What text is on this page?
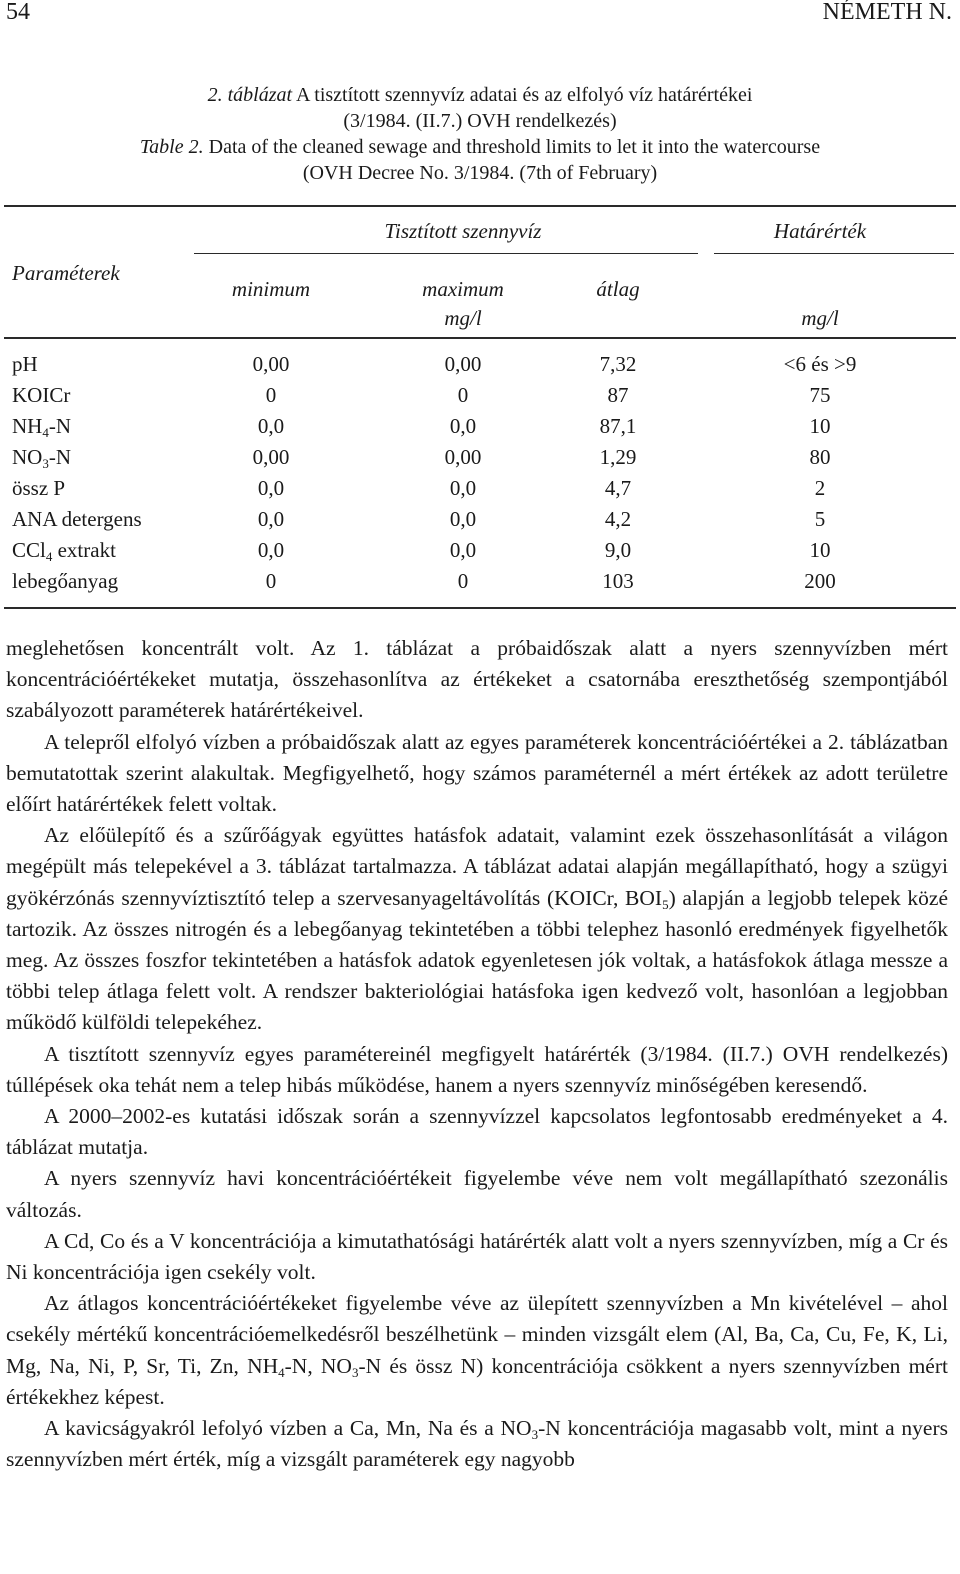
54	NÉMETH N.
2. táblázat A tisztított szennyvíz adatai és az elfolyó víz határértékei
(3/1984. (II.7.) OVH rendelkezés)
Table 2. Data of the cleaned sewage and threshold limits to let it into the watercourse
(OVH Decree No. 3/1984. (7th of February)
Paraméterek
Tisztított szennyvíz	Határérték
minimum	maximum	átlag
mg/l	mg/l
pH	0,00	0,00	7,32	<6 és >9
KOICr	0	0	87	75
$NH_4-N$	0,0	0,0	87,1	10
$NO_3-N$	0,00	0,00	1,29	80
össz P	0,0	0,0	4,7	2
ANA detergens	0,0	0,0	4,2	5
CCl$_4$ extrakt	0,0	0,0	9,0	10
lebegőanyag	0	0	103	200

meglehetősen koncentrált volt. Az 1. táblázat a próbaidőszak alatt a nyers szennyvízben mért koncentrációértékeket mutatja, összehasonlítva az értékeket a csatornába ereszthetőség szempontjából szabályozott paraméterek határértékeivel.

A telepről elfolyó vízben a próbaidőszak alatt az egyes paraméterek koncentrációértékei a 2. táblázatban bemutatottak szerint alakultak. Megfigyelhető, hogy számos paraméternél a mért értékek az adott területre előírt határértékek felett voltak.

Az előülepítő és a szűrőágyak együttes hatásfok adatait, valamint ezek összehasonlítását a világon megépült más telepekével a 3. táblázat tartalmazza. A táblázat adatai alapján megállapítható, hogy a szügyi gyökérzónás szennyvíztisztító telep a szervesanyageltávolítás (KOICr, $BOI_5$) alapján a legjobb telepek közé tartozik. Az összes nitrogén és a lebegőanyag tekintetében a többi telephez hasonló eredmények figyelhetők meg. Az összes foszfor tekintetében a hatásfok adatok egyenletesen jók voltak, a hatásfokok átlaga messze a többi telep átlaga felett volt. A rendszer bakteriológiai hatásfoka igen kedvező volt, hasonlóan a legjobban működő külföldi telepekéhez.

A tisztított szennyvíz egyes paramétereinél megfigyelt határérték (3/1984. (II.7.) OVH rendelkezés) túllépések oka tehát nem a telep hibás működése, hanem a nyers szennyvíz minőségében keresendő.

A 2000–2002-es kutatási időszak során a szennyvízzel kapcsolatos legfontosabb eredményeket a 4. táblázat mutatja.

A nyers szennyvíz havi koncentrációértékeit figyelembe véve nem volt megállapítható szezonális változás.

A Cd, Co és a V koncentrációja a kimutathatósági határérték alatt volt a nyers szennyvízben, míg a Cr és Ni koncentrációja igen csekély volt.

Az átlagos koncentrációértékeket figyelembe véve az ülepített szennyvízben a Mn kivételével – ahol csekély mértékű koncentrációemelkedésről beszélhetünk – minden vizsgált elem (Al, Ba, Ca, Cu, Fe, K, Li, Mg, Na, Ni, P, Sr, Ti, Zn, $NH_4-N$, $NO_3-N$ és össz N) koncentrációja csökkent a nyers szennyvízben mért értékekhez képest.

A kavicságyakról lefolyó vízben a Ca, Mn, Na és a $NO_3-N$ koncentrációja magasabb volt, mint a nyers szennyvízben mért érték, míg a vizsgált paraméterek egy nagyobb
